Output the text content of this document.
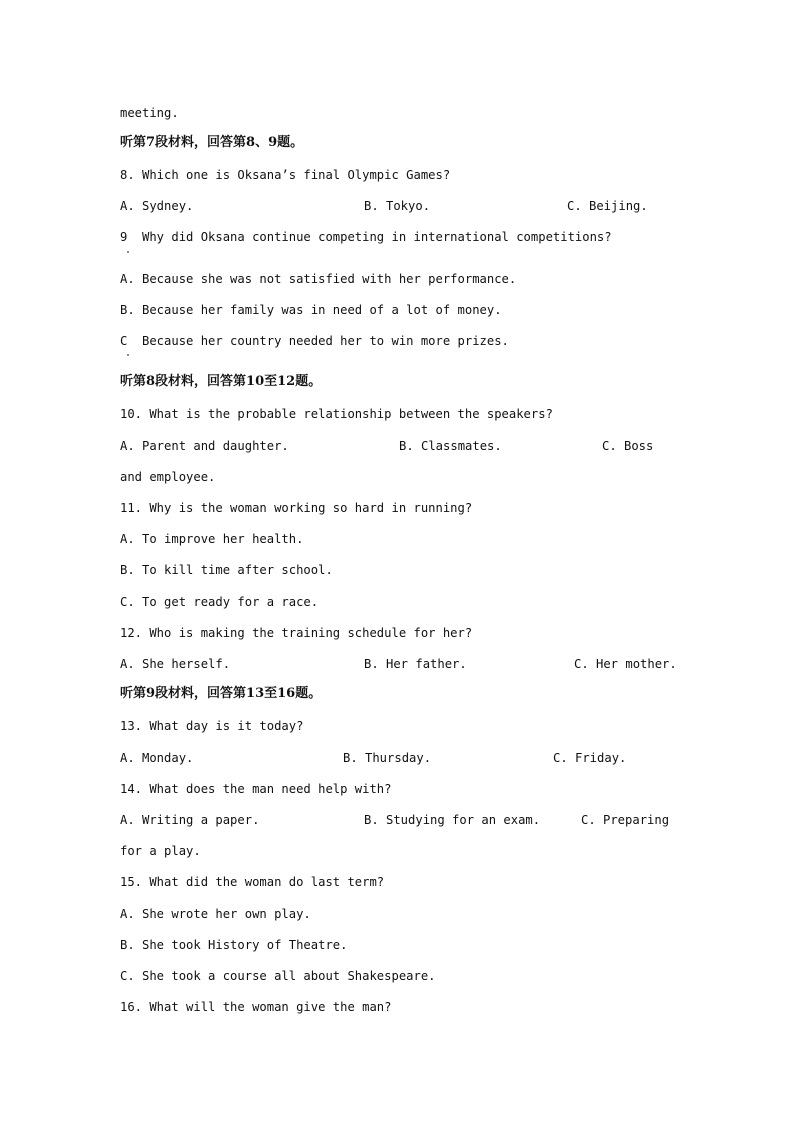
meeting.

听第7段材料，回答第8、9题。

8. Which one is Oksana’s final Olympic Games?

A. Sydney.	B. Tokyo.	C. Beijing.

9  Why did Oksana continue competing in international competitions?

A. Because she was not satisfied with her performance.

B. Because her family was in need of a lot of money.

C  Because her country needed her to win more prizes.

听第8段材料，回答第10至12题。

10. What is the probable relationship between the speakers?

A. Parent and daughter.	B. Classmates.	C. Boss

and employee.

11. Why is the woman working so hard in running?

A. To improve her health.

B. To kill time after school.

C. To get ready for a race.

12. Who is making the training schedule for her?

A. She herself.	B. Her father.	C. Her mother.

听第9段材料，回答第13至16题。

13. What day is it today?

A. Monday.	B. Thursday.	C. Friday.

14. What does the man need help with?

A. Writing a paper.	B. Studying for an exam.	C. Preparing

for a play.

15. What did the woman do last term?

A. She wrote her own play.

B. She took History of Theatre.

C. She took a course all about Shakespeare.

16. What will the woman give the man?
